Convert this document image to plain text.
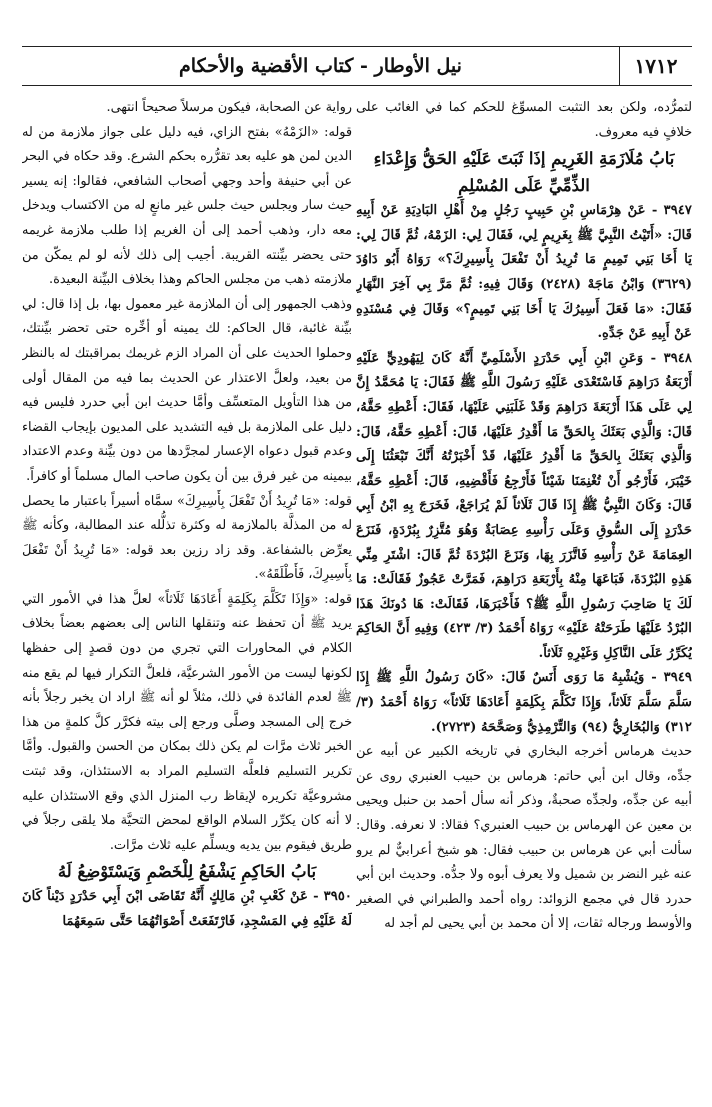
١٧١٢
نيل الأوطار - كتاب الأقضية والأحكام

لتمرُّده، ولكن بعد التثبت المسوِّغ للحكم كما في الغائب على خلافٍ فيه معروف.

بَابُ مُلَازَمَةِ الغَرِيمِ إذَا ثَبَتَ عَلَيْهِ الحَقُّ وَإِعْدَاءِ الذِّمِّيِّ عَلَى المُسْلِمِ

٣٩٤٧ - عَنْ هِرْمَاسِ بْنِ حَبِيبٍ رَجُلٍ مِنْ أَهْلِ البَادِيَةِ عَنْ أَبِيهِ قَالَ: «أَتَيْتُ النَّبِيَّ ﷺ بِغَرِيمٍ لِي، فَقَالَ لِي: الزَمْهُ، ثُمَّ قَالَ لِي: يَا أَخَا بَنِي تَمِيمٍ مَا تُرِيدُ أَنْ تَفْعَلَ بِأَسِيرِكَ؟» رَوَاهُ أَبُو دَاوُدَ (٣٦٢٩) وَابْنُ مَاجَهْ (٢٤٢٨) وَقَالَ فِيهِ: ثُمَّ مَرَّ بِي آخِرَ النَّهَارِ فَقَالَ: «مَا فَعَلَ أَسِيرُكَ يَا أَخَا بَنِي تَمِيمٍ؟» وَقَالَ فِي مُسْنَدِهِ عَنْ أَبِيهِ عَنْ جَدِّهِ.

٣٩٤٨ - وَعَنِ ابْنِ أَبِي حَدْرَدٍ الأَسْلَمِيِّ أَنَّهُ كَانَ لِيَهُودِيٍّ عَلَيْهِ أَرْبَعَةُ دَرَاهِمَ فَاسْتَعْدَى عَلَيْهِ رَسُولَ اللَّهِ ﷺ فَقَالَ: يَا مُحَمَّدُ إِنَّ لِي عَلَى هَذَا أَرْبَعَةَ دَرَاهِمَ وَقَدْ غَلَبَنِي عَلَيْهَا، فَقَالَ: أَعْطِهِ حَقَّهُ، قَالَ: وَالَّذِي بَعَثَكَ بِالحَقِّ مَا أَقْدِرُ عَلَيْهَا، قَالَ: أَعْطِهِ حَقَّهُ، قَالَ: وَالَّذِي بَعَثَكَ بِالحَقِّ مَا أَقْدِرُ عَلَيْهَا، قَدْ أَخْبَرْتُهُ أَنَّكَ تَبْعَثُنَا إِلَى خَيْبَرَ، فَأَرْجُو أَنْ تُغْنِمَنَا شَيْئاً فَأَرْجِعُ فَأَقْضِيهِ، قَالَ: أَعْطِهِ حَقَّهُ، قَالَ: وَكَانَ النَّبِيُّ ﷺ إِذَا قَالَ ثَلَاثاً لَمْ يُرَاجَعْ، فَخَرَجَ بِهِ ابْنُ أَبِي حَدْرَدٍ إِلَى السُّوقِ وَعَلَى رَأْسِهِ عِصَابَةٌ وَهُوَ مُتَّزِرٌ بِبُرْدَةٍ، فَنَزَعَ العِمَامَةَ عَنْ رَأْسِهِ فَاتَّزَرَ بِهَا، وَنَزَعَ البُرْدَةَ ثُمَّ قَالَ: اشْتَرِ مِنِّي هَذِهِ البُرْدَةَ، فَبَاعَهَا مِنْهُ بِأَرْبَعَةِ دَرَاهِمَ، فَمَرَّتْ عَجُوزٌ فَقَالَتْ: مَا لَكَ يَا صَاحِبَ رَسُولِ اللَّهِ ﷺ؟ فَأَخْبَرَهَا، فَقَالَتْ: هَا دُونَكَ هَذَا البُرْدُ عَلَيْهَا طَرَحَتْهُ عَلَيْهِ» رَوَاهُ أَحْمَدُ (٣/ ٤٢٣) وَفِيهِ أَنَّ الحَاكِمَ يُكَرِّرُ عَلَى النَّاكِلِ وَغَيْرِهِ ثَلَاثاً.

٣٩٤٩ - وَيُشْبِهُ مَا رَوَى أَنَسٌ قَالَ: «كَانَ رَسُولُ اللَّهِ ﷺ إِذَا سَلَّمَ سَلَّمَ ثَلَاثاً، وَإِذَا تَكَلَّمَ بِكَلِمَةٍ أَعَادَهَا ثَلَاثاً» رَوَاهُ أَحْمَدُ (٣/ ٣١٢) وَالبُخَارِيُّ (٩٤) وَالتِّرْمِذِيُّ وَصَحَّحَهُ (٢٧٢٣).

حديث هرماس أخرجه البخاري في تاريخه الكبير عن أبيه عن جدِّه، وقال ابن أبي حاتم: هرماس بن حبيب العنبري روى عن أبيه عن جدِّه، ولجدِّه صحبةٌ، وذكر أنه سأل أحمد بن حنبل ويحيى بن معين عن الهرماس بن حبيب العنبري؟ فقالا: لا نعرفه. وقال: سألت أبي عن هرماس بن حبيب فقال: هو شيخ أعرابيٌّ لم يرو عنه غير النضر بن شميل ولا يعرف أبوه ولا جدُّه. وحديث ابن أبي حدرد قال في مجمع الزوائد: رواه أحمد والطبراني في الصغير والأوسط ورجاله ثقات، إلا أن محمد بن أبي يحيى لم أجد له

رواية عن الصحابة، فيكون مرسلاً صحيحاً انتهى.

قوله: «الزَمْهُ» بفتح الزاي، فيه دليل على جواز ملازمة من له الدين لمن هو عليه بعد تقرُّره بحكم الشرع. وقد حكاه في البحر عن أبي حنيفة وأحد وجهي أصحاب الشافعي، فقالوا: إنه يسير حيث سار ويجلس حيث جلس غير مانعٍ له من الاكتساب ويدخل معه دار، وذهب أحمد إلى أن الغريم إذا طلب ملازمة غريمه حتى يحضر بيِّنته القريبة. أجيب إلى ذلك لأنه لو لم يمكّن من ملازمته ذهب من مجلس الحاكم وهذا بخلاف البيِّنة البعيدة.

وذهب الجمهور إلى أن الملازمة غير معمول بها، بل إذا قال: لي بيِّنة غائبة، قال الحاكم: لك يمينه أو أخِّره حتى تحضر بيِّنتك، وحملوا الحديث على أن المراد الزم غريمك بمراقبتك له بالنظر من بعيد، ولعلَّ الاعتذار عن الحديث بما فيه من المقال أولى من هذا التأويل المتعسِّف وأمَّا حديث ابن أبي حدرد فليس فيه دليل على الملازمة بل فيه التشديد على المديون بإيجاب القضاء وعدم قبول دعواه الإعسار لمجرَّدها من دون بيِّنة وعدم الاعتداد بيمينه من غير فرق بين أن يكون صاحب المال مسلماً أو كافراً.

قوله: «مَا تُرِيدُ أَنْ تَفْعَلَ بِأَسِيرِكَ» سمَّاه أسيراً باعتبار ما يحصل له من المذلَّة بالملازمة له وكثرة تذلُّله عند المطالبة، وكأنه ﷺ يعرِّض بالشفاعة. وقد زاد رزين بعد قوله: «مَا تُرِيدُ أَنْ تَفْعَلَ بِأَسِيرِكَ، فَأَطْلَقَهُ».

قوله: «وَإِذَا تَكَلَّمَ بِكَلِمَةٍ أَعَادَهَا ثَلَاثاً» لعلَّ هذا في الأمور التي يريد ﷺ أن تحفظ عنه وتنقلها الناس إلى بعضهم بعضاً بخلاف الكلام في المحاورات التي تجري من دون قصدٍ إلى حفظها لكونها ليست من الأمور الشرعيَّة، فلعلَّ التكرار فيها لم يقع منه ﷺ لعدم الفائدة في ذلك، مثلاً لو أنه ﷺ اراد ان يخبر رجلاً بأنه خرج إلى المسجد وصلَّى ورجع إلى بيته فكرَّر كلَّ كلمةٍ من هذا الخبر ثلاث مرَّات لم يكن ذلك بمكان من الحسن والقبول. وأمَّا تكرير التسليم فلعلَّه التسليم المراد به الاستئذان، وقد ثبتت مشروعيَّة تكريره لإيقاظ رب المنزل الذي وقع الاستئذان عليه لا أنه كان يكرِّر السلام الواقع لمحض التحيَّة ملا يلقى رجلاً في طريق فيقوم بين يديه ويسلِّم عليه ثلاث مرَّات.

بَابُ الحَاكِمِ يَشْفَعُ لِلْخَصْمِ وَيَسْتَوْضِعُ لَهُ

٣٩٥٠ - عَنْ كَعْبِ بْنِ مَالِكٍ أَنَّهُ تَقَاضَى ابْنَ أَبِي حَدْرَدٍ دَيْناً كَانَ لَهُ عَلَيْهِ فِي المَسْجِدِ، فَارْتَفَعَتْ أَصْوَاتُهُمَا حَتَّى سَمِعَهُمَا
